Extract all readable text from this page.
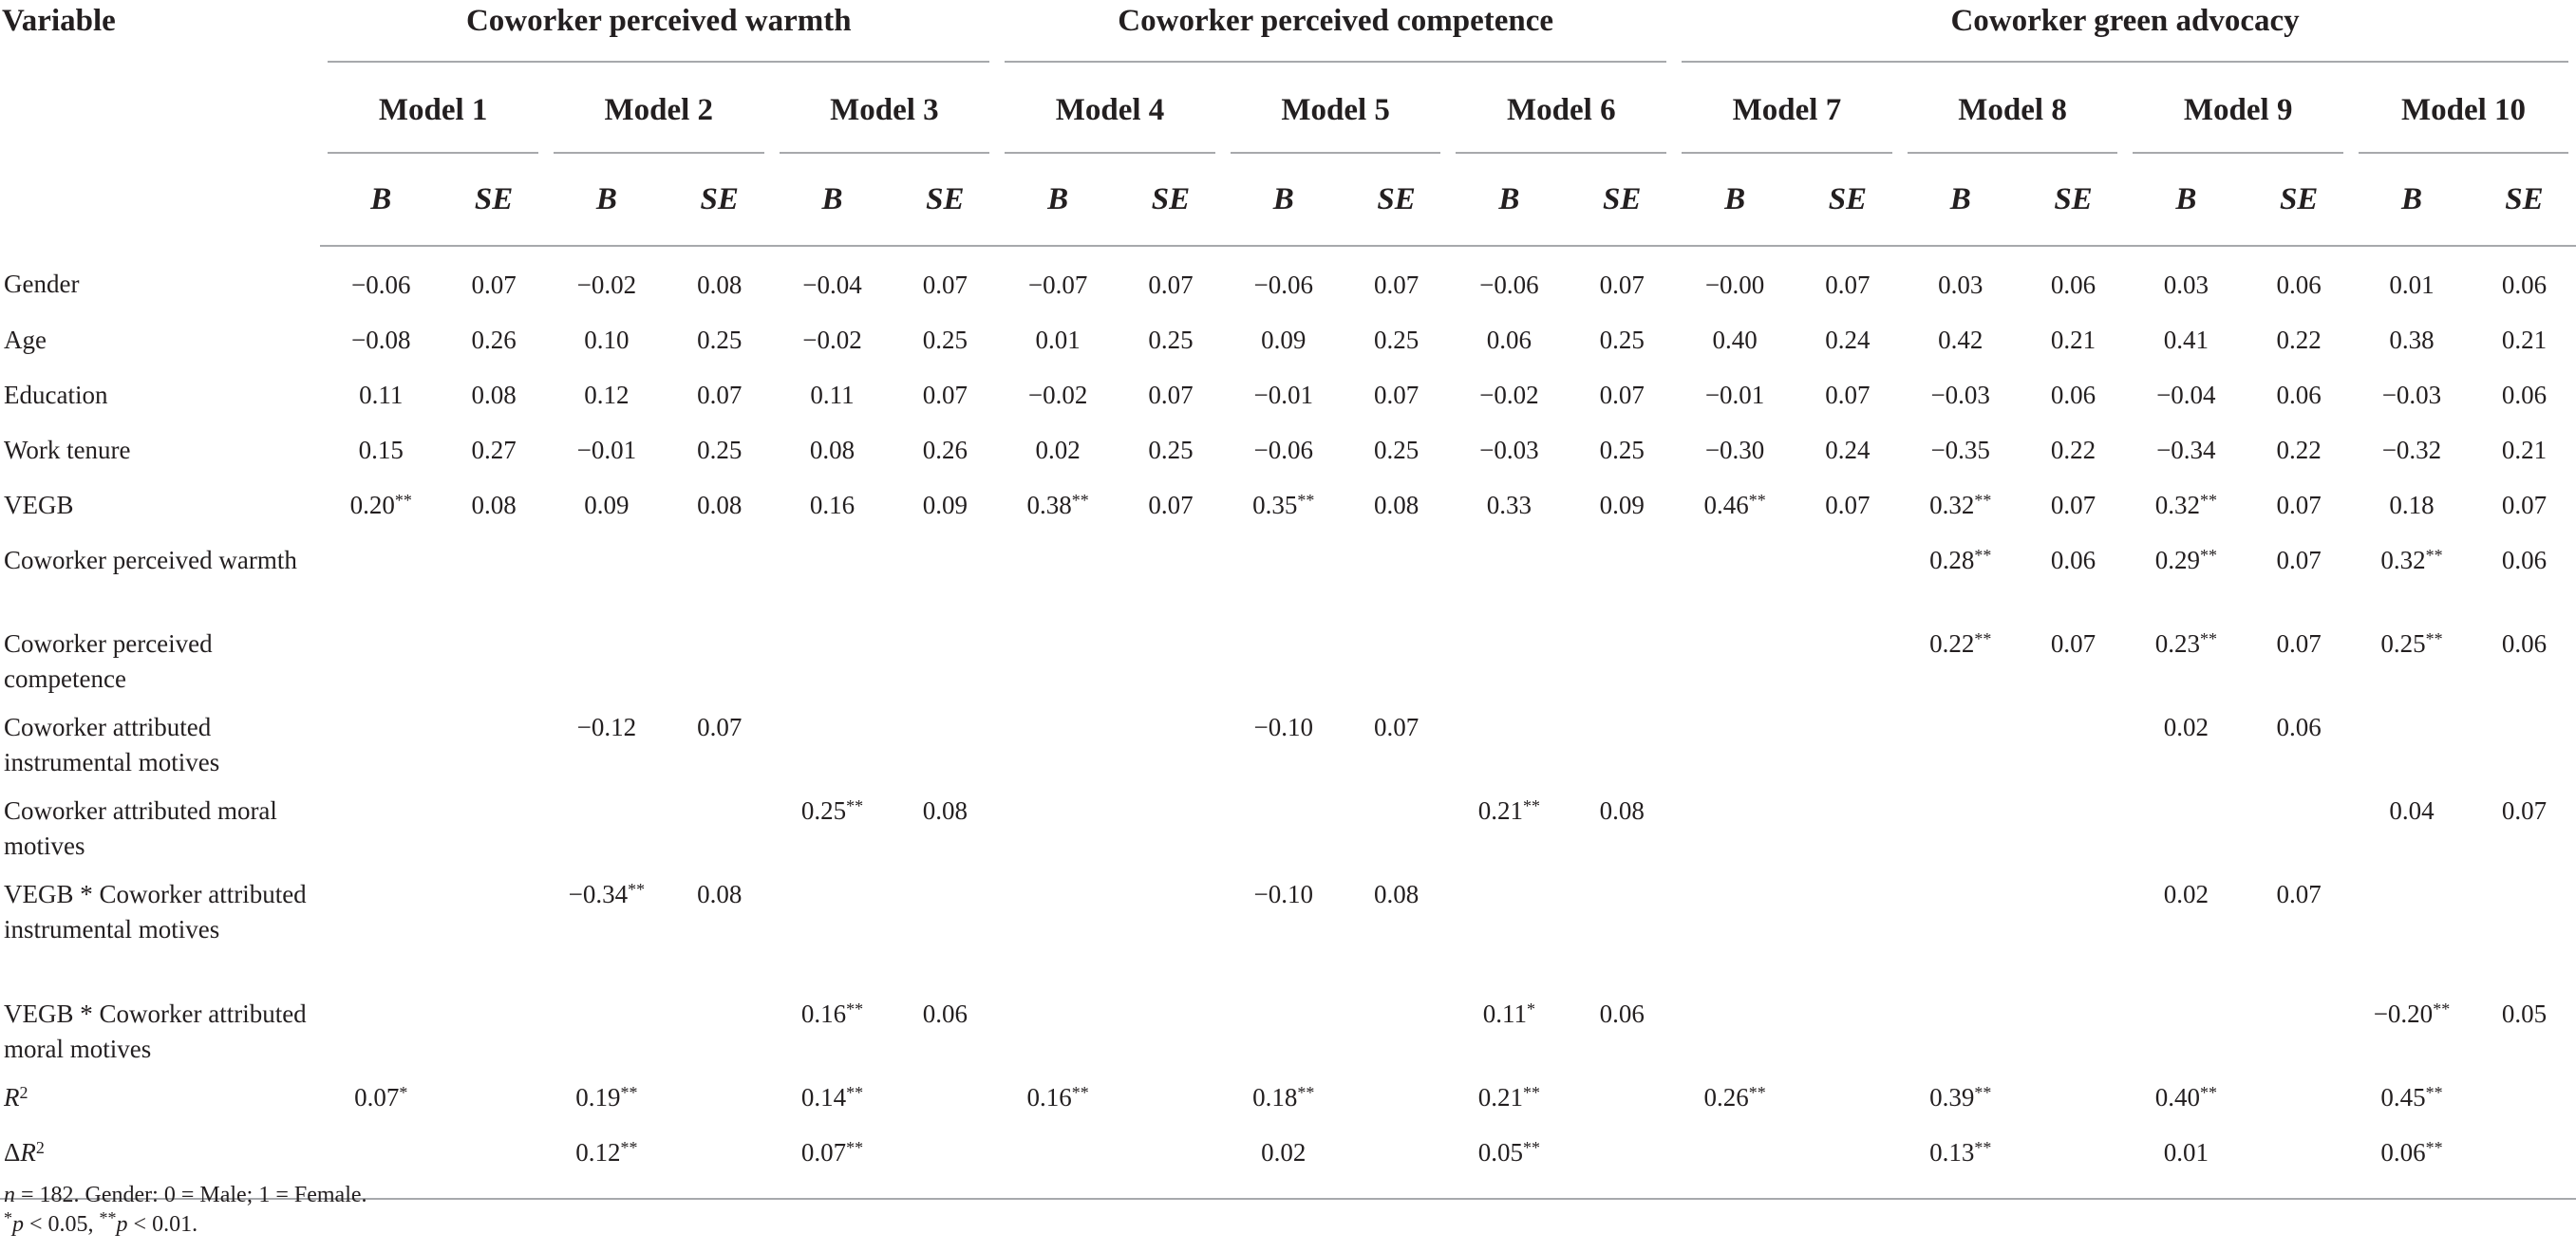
Variable	Coworker perceived warmth						Coworker perceived competence						Coworker green advocacy							

	Model 1		Model 2		Model 3		Model 4		Model 5		Model 6		Model 7		Model 8		Model 9		Model 10	

	B	SE	B	SE	B	SE	B	SE	B	SE	B	SE	B	SE	B	SE	B	SE	B	SE

Gender	−0.06	0.07	−0.02	0.08	−0.04	0.07	−0.07	0.07	−0.06	0.07	−0.06	0.07	−0.00	0.07	0.03	0.06	0.03	0.06	0.01	0.06
Age	−0.08	0.26	0.10	0.25	−0.02	0.25	0.01	0.25	0.09	0.25	0.06	0.25	0.40	0.24	0.42	0.21	0.41	0.22	0.38	0.21
Education	0.11	0.08	0.12	0.07	0.11	0.07	−0.02	0.07	−0.01	0.07	−0.02	0.07	−0.01	0.07	−0.03	0.06	−0.04	0.06	−0.03	0.06
Work tenure	0.15	0.27	−0.01	0.25	0.08	0.26	0.02	0.25	−0.06	0.25	−0.03	0.25	−0.30	0.24	−0.35	0.22	−0.34	0.22	−0.32	0.21
VEGB	0.20**	0.08	0.09	0.08	0.16	0.09	0.38**	0.07	0.35**	0.08	0.33	0.09	0.46**	0.07	0.32**	0.07	0.32**	0.07	0.18	0.07
Coworker perceived warmth															0.28**	0.06	0.29**	0.07	0.32**	0.06
Coworker perceived competence															0.22**	0.07	0.23**	0.07	0.25**	0.06
Coworker attributed instrumental motives			−0.12	0.07					−0.10	0.07							0.02	0.06		
Coworker attributed moral motives					0.25**	0.08					0.21**	0.08							0.04	0.07
VEGB * Coworker attributed instrumental motives			−0.34**	0.08					−0.10	0.08							0.02	0.07		
VEGB * Coworker attributed moral motives					0.16**	0.06					0.11*	0.06							−0.20**	0.05
$R^2$	0.07*		0.19**		0.14**		0.16**		0.18**		0.21**		0.26**		0.39**		0.40**		0.45**	
$\Delta R^2$			0.12**		0.07**				0.02		0.05**				0.13**		0.01		0.06**	
n = 182. Gender: 0 = Male; 1 = Female.
*p < 0.05, **p < 0.01.
